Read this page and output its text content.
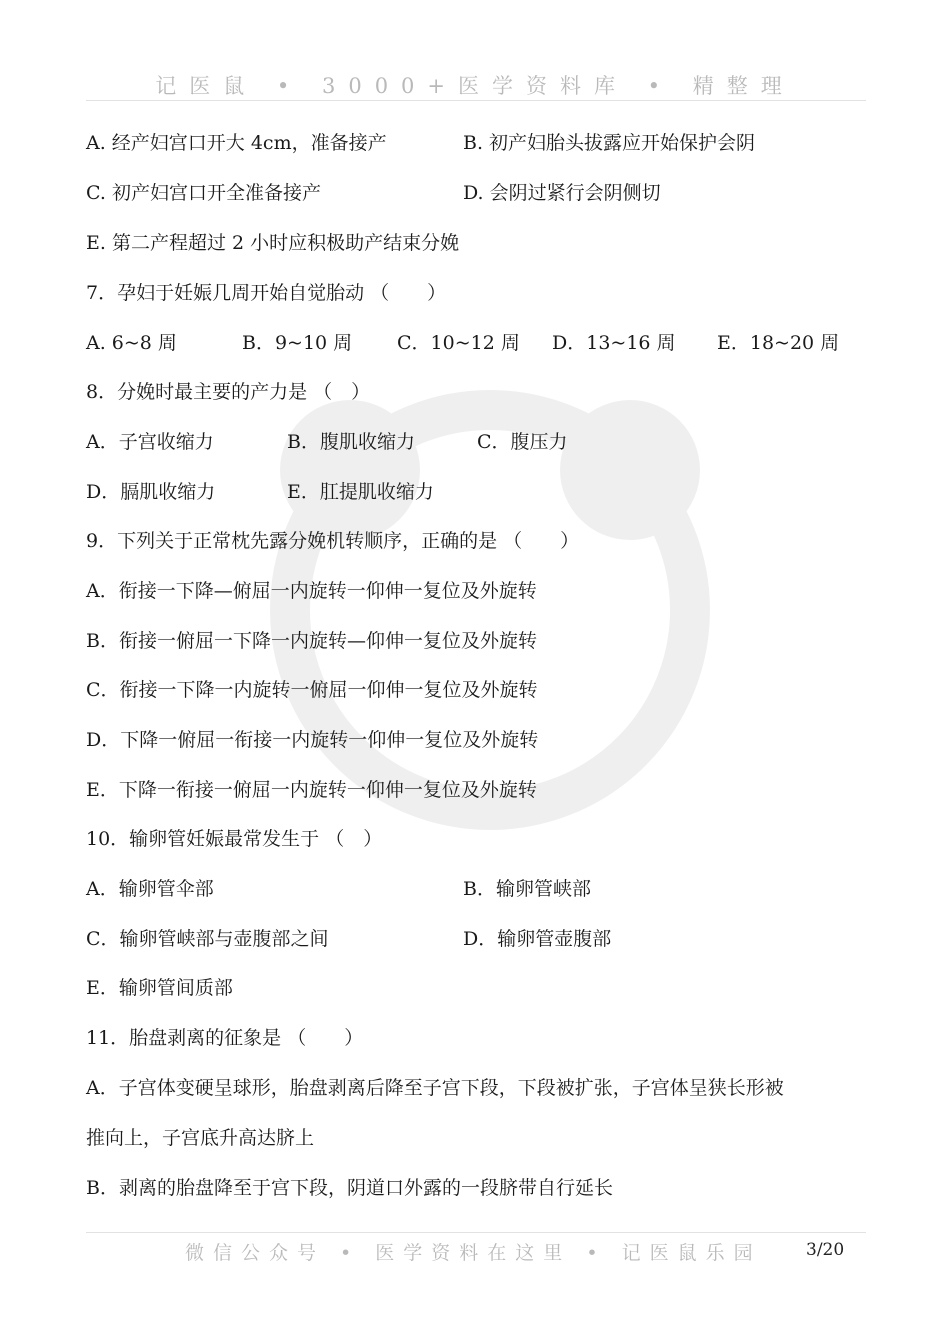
记医鼠 • 3000+医学资料库 • 精整理
A. 经产妇宫口开大 4cm，准备接产	B. 初产妇胎头拔露应开始保护会阴
C. 初产妇宫口开全准备接产	D. 会阴过紧行会阴侧切
E. 第二产程超过 2 小时应积极助产结束分娩
7．孕妇于妊娠几周开始自觉胎动 （　　）
A. 6~8 周	B．9~10 周 C．10~12 周 D．13~16 周 E．18~20 周
8．分娩时最主要的产力是 （　）
A．子宫收缩力	B．腹肌收缩力	C．腹压力
D．膈肌收缩力	E．肛提肌收缩力
9．下列关于正常枕先露分娩机转顺序，正确的是 （　　）
A．衔接一下降—俯屈一内旋转一仰伸一复位及外旋转
B．衔接一俯屈一下降一内旋转—仰伸一复位及外旋转
C．衔接一下降一内旋转一俯屈一仰伸一复位及外旋转
D．下降一俯屈一衔接一内旋转一仰伸一复位及外旋转
E．下降一衔接一俯屈一内旋转一仰伸一复位及外旋转
10．输卵管妊娠最常发生于 （　）
A．输卵管伞部	B．输卵管峡部
C．输卵管峡部与壶腹部之间	D．输卵管壶腹部
E．输卵管间质部
11．胎盘剥离的征象是 （　　）
A．子宫体变硬呈球形，胎盘剥离后降至子宫下段，下段被扩张，子宫体呈狭长形被
推向上，子宫底升高达脐上
B．剥离的胎盘降至于宫下段，阴道口外露的一段脐带自行延长
微信公众号 • 医学资料在这里 • 记医鼠乐园	3/20
